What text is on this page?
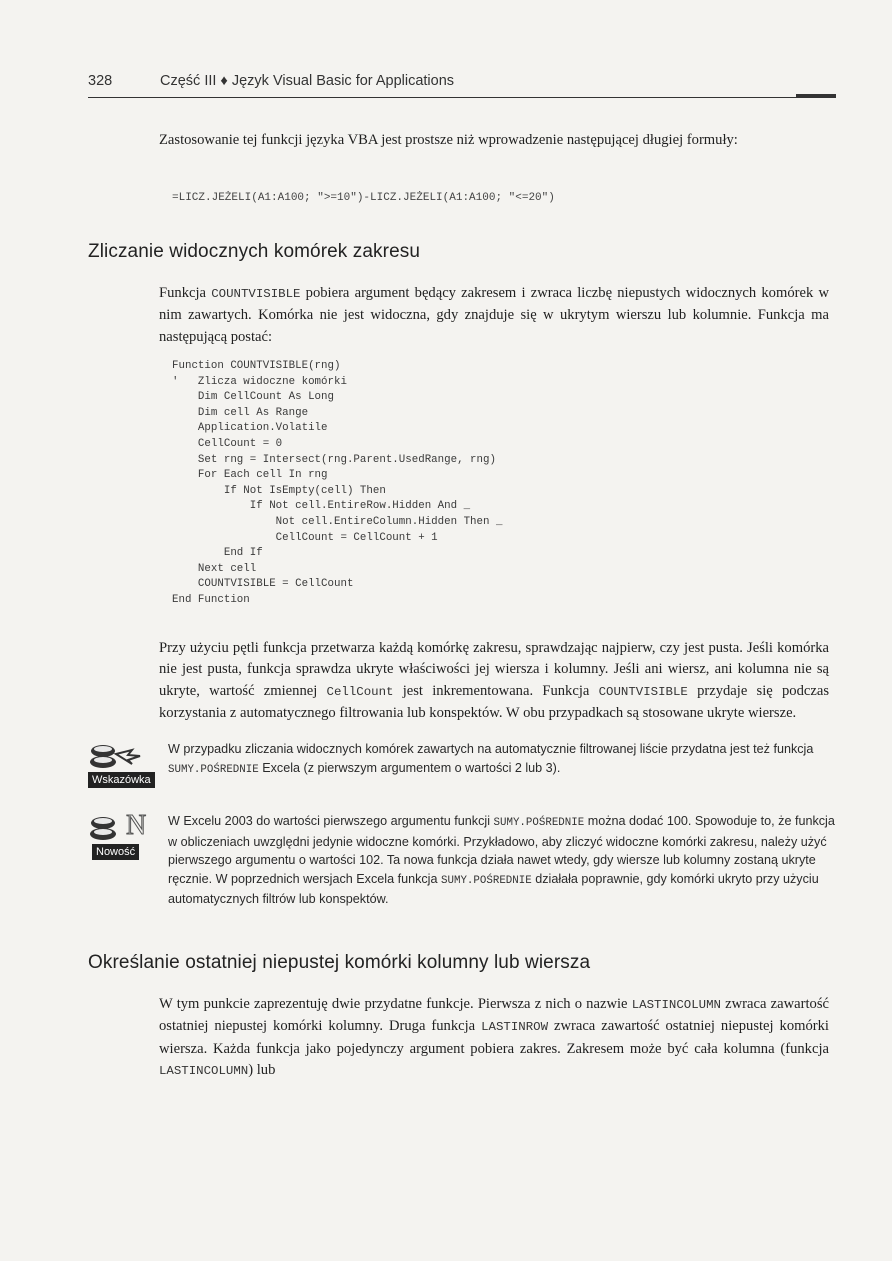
328	Część III ♦ Język Visual Basic for Applications

Zastosowanie tej funkcji języka VBA jest prostsze niż wprowadzenie następującej długiej formuły:

=LICZ.JEŻELI(A1:A100; ">=10")-LICZ.JEŻELI(A1:A100; "<=20")
Zliczanie widocznych komórek zakresu

Funkcja COUNTVISIBLE pobiera argument będący zakresem i zwraca liczbę niepustych widocznych komórek w nim zawartych. Komórka nie jest widoczna, gdy znajduje się w ukrytym wierszu lub kolumnie. Funkcja ma następującą postać:

Function COUNTVISIBLE(rng)
'   Zlicza widoczne komórki
Dim CellCount As Long
Dim cell As Range
Application.Volatile
CellCount = 0
Set rng = Intersect(rng.Parent.UsedRange, rng)
For Each cell In rng
If Not IsEmpty(cell) Then
If Not cell.EntireRow.Hidden And _
Not cell.EntireColumn.Hidden Then _
CellCount = CellCount + 1
End If
Next cell
COUNTVISIBLE = CellCount
End Function

Przy użyciu pętli funkcja przetwarza każdą komórkę zakresu, sprawdzając najpierw, czy jest pusta. Jeśli komórka nie jest pusta, funkcja sprawdza ukryte właściwości jej wiersza i kolumny. Jeśli ani wiersz, ani kolumna nie są ukryte, wartość zmiennej CellCount jest inkrementowana. Funkcja COUNTVISIBLE przydaje się podczas korzystania z automatycznego filtrowania lub konspektów. W obu przypadkach są stosowane ukryte wiersze.

Wskazówka

W przypadku zliczania widocznych komórek zawartych na automatycznie filtrowanej liście przydatna jest też funkcja SUMY.POŚREDNIE Excela (z pierwszym argumentem o wartości 2 lub 3).

N
Nowość

W Excelu 2003 do wartości pierwszego argumentu funkcji SUMY.POŚREDNIE można dodać 100. Spowoduje to, że funkcja w obliczeniach uwzględni jedynie widoczne komórki. Przykładowo, aby zliczyć widoczne komórki zakresu, należy użyć pierwszego argumentu o wartości 102. Ta nowa funkcja działa nawet wtedy, gdy wiersze lub kolumny zostaną ukryte ręcznie. W poprzednich wersjach Excela funkcja SUMY.POŚREDNIE działała poprawnie, gdy komórki ukryto przy użyciu automatycznych filtrów lub konspektów.

Określanie ostatniej niepustej komórki kolumny lub wiersza

W tym punkcie zaprezentuję dwie przydatne funkcje. Pierwsza z nich o nazwie LASTINCOLUMN zwraca zawartość ostatniej niepustej komórki kolumny. Druga funkcja LASTINROW zwraca zawartość ostatniej niepustej komórki wiersza. Każda funkcja jako pojedynczy argument pobiera zakres. Zakresem może być cała kolumna (funkcja LASTINCOLUMN) lub
